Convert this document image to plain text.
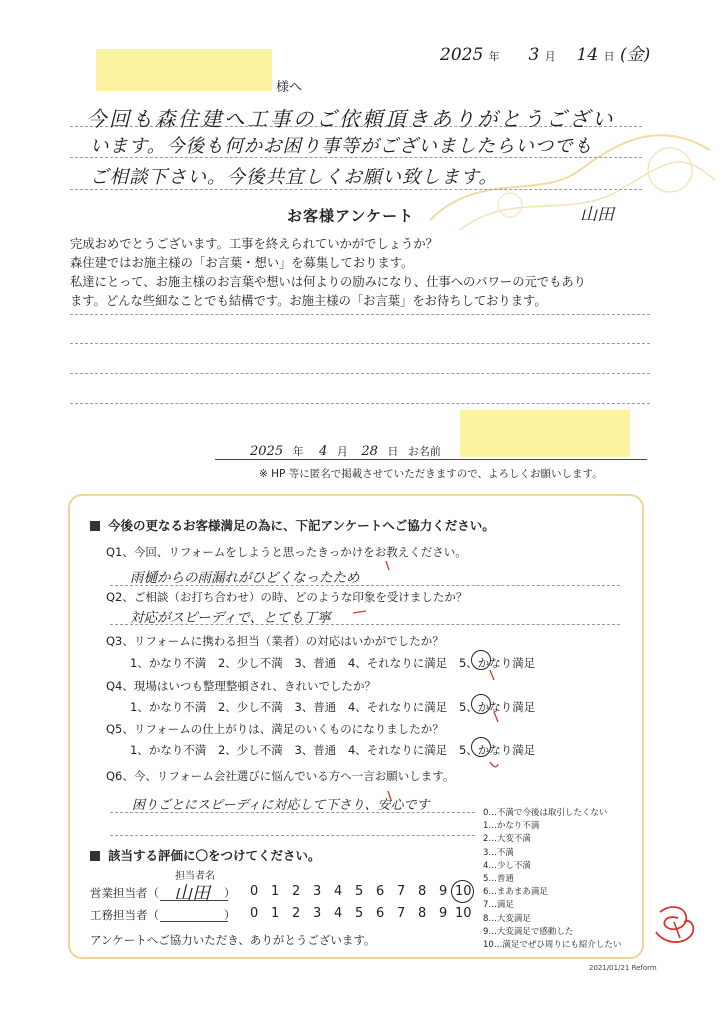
2025 年 3 月 14 日 (金)
様へ
今回も森住建へ工事のご依頼頂きありがとうござい
います。今後も何かお困り事等がございましたらいつでも
ご相談下さい。今後共宜しくお願い致します。
山田
お客様アンケート
完成おめでとうございます。工事を終えられていかがでしょうか？
森住建ではお施主様の「お言葉・想い」を募集しております。
私達にとって、お施主様のお言葉や想いは何よりの励みになり、仕事へのパワーの元でもあり
ます。どんな些細なことでも結構です。お施主様の「お言葉」をお待ちしております。
2025 年 4 月 28 日 お名前
※ HP 等に匿名で掲載させていただきますので、よろしくお願いします。
今後の更なるお客様満足の為に、下記アンケートへご協力ください。
Q1、今回、リフォームをしようと思ったきっかけをお教えください。
雨樋からの雨漏れがひどくなったため
Q2、ご相談（お打ち合わせ）の時、どのような印象を受けましたか？
対応がスピーディで、とても丁寧
Q3、リフォームに携わる担当（業者）の対応はいかがでしたか？
1、かなり不満 2、少し不満 3、普通 4、それなりに満足 5、かなり満足
Q4、現場はいつも整理整頓され、きれいでしたか？
1、かなり不満 2、少し不満 3、普通 4、それなりに満足 5、かなり満足
Q5、リフォームの仕上がりは、満足のいくものになりましたか？
1、かなり不満 2、少し不満 3、普通 4、それなりに満足 5、かなり満足
Q6、今、リフォーム会社選びに悩んでいる方へ一言お願いします。
困りごとにスピーディに対応して下さり、安心です
該当する評価に〇をつけてください。
担当者名
営業担当者（ 山田 ）
工務担当者（	）
0 1 2 3 4 5 6 7 8 9 10
0 1 2 3 4 5 6 7 8 9 10
アンケートへご協力いただき、ありがとうございます。
0…不満で今後は取引したくない
1…かなり不満
2…大変不満
3…不満
4…少し不満
5…普通
6…まあまあ満足
7…満足
8…大変満足
9…大変満足で感動した
10…満足でぜひ周りにも紹介したい
2021/01/21 Reform
